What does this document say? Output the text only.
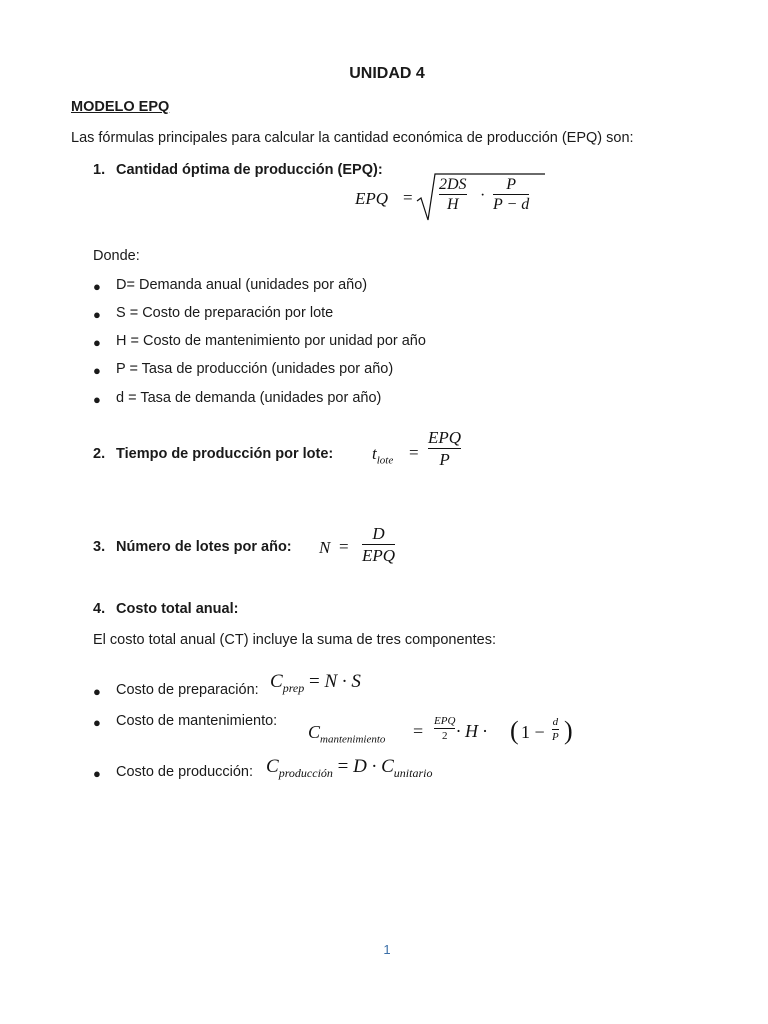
UNIDAD 4
MODELO EPQ
Las fórmulas principales para calcular la cantidad económica de producción (EPQ) son:
1. Cantidad óptima de producción (EPQ):
EPQ = $\frac{2DS}{H} \cdot \frac{P}{P - d}$
Donde:
● D= Demanda anual (unidades por año)
● S = Costo de preparación por lote
● H = Costo de mantenimiento por unidad por año
● P = Tasa de producción (unidades por año)
● d = Tasa de demanda (unidades por año)
2. Tiempo de producción por lote: $t_{lote}$ =
EPQ
P
3. Número de lotes por año: N =
D
EPQ
4. Costo total anual:
El costo total anual (CT) incluye la suma de tres componentes:
● Costo de preparación: $C_{prep} = N \cdot S$
● Costo de mantenimiento:
$C_{mantenimiento}$ = EPQ
2 · H · ( $1 - \frac{d}{P}$ )
● Costo de producción: $C_{producción} = D \cdot C_{unitario}$
1
